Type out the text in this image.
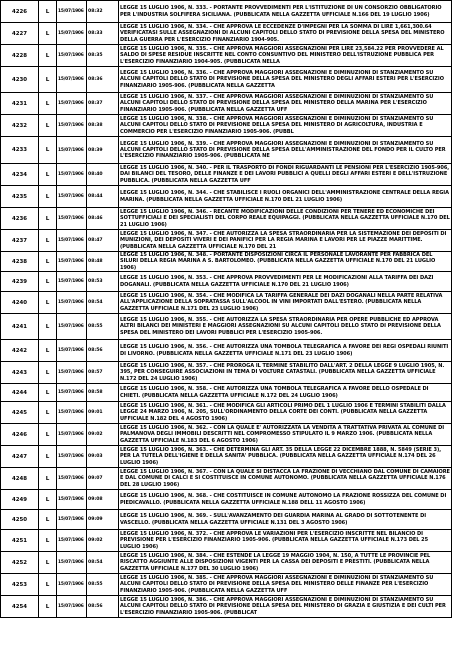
4226	L	15/07/1906	08:32	LEGGE 15 LUGLIO 1906, N. 333. - PORTANTE PROVVEDIMENTI PER L'ISTITUZIONE DI UN CONSORZIO OBBLIGATORIO PER L'INDUSTRIA SOLFIFERA SICILIANA. (PUBBLICATA NELLA GAZZETTA UFFICIALE N.166 DEL 19 LUGLIO 1906)

4227	L	15/07/1906	08:33	LEGGE 15 LUGLIO 1906, N. 334. - CHE APPROVA LE ECCEDENZE D'IMPEGNI PER LA SOMMA DI LIRE 1,661,300.64 VERIFICATASI SULLE ASSEGNAZIONI DI ALCUNI CAPITOLI DELLO STATO DI PREVISIONE DELLA SPESA DEL MINISTERO DELLA GUERRA PER L'ESERCIZIO FINANZIARIO 1904-905.

4228	L	15/07/1906	08:35	LEGGE 15 LUGLIO 1906, N. 335. - CHE APPROVA MAGGIORI ASSEGNAZIONI PER LIRE 23,584.22 PER PROVVEDERE AL SALDO DI SPESE RESIDUE INSCRITTE NEL CONTO CONSUNTIVO DEL MINISTERO DELL'ISTRUZIONE PUBBLICA PER L'ESERCIZIO FINANZIARIO 1904-905. (PUBBLICATA NELLA

4230	L	15/07/1906	08:36	LEGGE 15 LUGLIO 1906, N. 336. - CHE APPROVA MAGGIORI ASSEGNAZIONI E DIMINUZIONI DI STANZIAMENTO SU ALCUNI CAPITOLI DELLO STATO DI PREVISIONE DELLA SPESA DEL MINISTERO DEGLI AFFARI ESTERI PER L'ESERCIZIO FINANZIARIO 1905-906. (PUBBLICATA NELLA GAZZETTA

4231	L	15/07/1906	08:37	LEGGE 15 LUGLIO 1906, N. 337. - CHE APPROVA MAGGIORI ASSEGNAZIONI E DIMINUZIONI DI STANZIAMENTO SU ALCUNI CAPITOLI DELLO STATO DI PREVISIONE DELLA SPESA DEL MINISTERO DELLA MARINA PER L'ESERCIZIO FINANZIARIO 1905-906. (PUBBLICATA NELLA GAZZETTA UFF

4232	L	15/07/1906	08:38	LEGGE 15 LUGLIO 1906, N. 338. - CHE APPROVA MAGGIORI ASSEGNAZIONI E DIMINUZIONI DI STANZIAMENTO SU ALCUNI CAPITOLI DELLO STATO DI PREVISIONE DELLA SPESA DEL MINISTERO DI AGRICOLTURA, INDUSTRIA E COMMERCIO PER L'ESERCIZIO FINANZIARIO 1905-906. (PUBBL

4233	L	15/07/1906	08:39	LEGGE 15 LUGLIO 1906, N. 339. - CHE APPROVA MAGGIORI ASSEGNAZIONI E DIMINUZIONI DI STANZIAMENTO SU ALCUNI CAPITOLI DELLO STATO DI PREVISIONE DELLA SPESA DELL'AMMINISTRAZIONE DEL FONDO PER IL CULTO PER L'ESERCIZIO FINANZIARIO 1905-906. (PUBBLICATA NE

4234	L	15/07/1906	08:40	LEGGE 15 LUGLIO 1906, N. 340. - PER IL TRASPORTO DI FONDI RIGUARDANTI LE PENSIONI PER L'ESERCIZIO 1905-906, DAI BILANCI DEL TESORO, DELLE FINANZE E DEI LAVORI PUBBLICI A QUELLI DEGLI AFFARI ESTERI E DELL'ISTRUZIONE PUBBLICA. (PUBBLICATA NELLA GAZZETTA UFF

4235	L	15/07/1906	08:44	LEGGE 15 LUGLIO 1906, N. 344. - CHE STABILISCE I RUOLI ORGANICI DELL'AMMINISTRAZIONE CENTRALE DELLA REGIA MARINA. (PUBBLICATA NELLA GAZZETTA UFFICIALE N.170 DEL 21 LUGLIO 1906)

4236	L	15/07/1906	08:46	LEGGE 15 LUGLIO 1906, N. 346. - RECANTE MODIFICAZIONI DELLE CONDIZIONI PER TENERE ED ECONOMICHE DEI SOTTUFFICIALI E DEI SPECIALISTI DEL CORPO REALE EQUIPAGGI. (PUBBLICATA NELLA GAZZETTA UFFICIALE N.170 DEL 21 LUGLIO 1906)

4237	L	15/07/1906	08:47	LEGGE 15 LUGLIO 1906, N. 347. - CHE AUTORIZZA LA SPESA STRAORDINARIA PER LA SISTEMAZIONE DEI DEPOSITI DI MUNIZIONI, DEI DEPOSITI VIVERI E DEI PANIFICI PER LA REGIA MARINA E LAVORI PER LE PIAZZE MARITTIME. (PUBBLICATA NELLA GAZZETTA UFFICIALE N.170 DEL 21

4238	L	15/07/1906	08:48	LEGGE 15 LUGLIO 1906, N. 348. - PORTANTE DISPOSIZIONI CIRCA IL PERSONALE LAVORANTE PER FABBRICA DEL SILURI DELLA REGIA MARINA A S. BARTOLOMEO. (PUBBLICATA NELLA GAZZETTA UFFICIALE N.170 DEL 21 LUGLIO 1906)

4239	L	15/07/1906	08:53	LEGGE 15 LUGLIO 1906, N. 353. - CHE APPROVA PROVVEDIMENTI PER LE MODIFICAZIONI ALLA TARIFFA DEI DAZI DOGANALI. (PUBBLICATA NELLA GAZZETTA UFFICIALE N.170 DEL 21 LUGLIO 1906)

4240	L	15/07/1906	08:54	LEGGE 15 LUGLIO 1906, N. 354. - CHE MODIFICA LA TARIFFA GENERALE DEI DAZI DOGANALI NELLA PARTE RELATIVA ALL'APPLICAZIONE DELLA SOPRATASSA SULL'ALCOOL IN VINI IMPORTATI DALL'ESTERO. (PUBBLICATA NELLA GAZZETTA UFFICIALE N.171 DEL 23 LUGLIO 1906)

4241	L	15/07/1906	08:55	LEGGE 15 LUGLIO 1906, N. 355. - CHE AUTORIZZA LA SPESA STRAORDINARIA PER OPERE PUBBLICHE ED APPROVA ALTRI BILANCI DEI MINISTERI E MAGGIORI ASSEGNAZIONI SU ALCUNI CAPITOLI DELLO STATO DI PREVISIONE DELLA SPESA DEL MINISTERO DEI LAVORI PUBBLICI PER L'ESERCIZIO 1905-906.

4242	L	15/07/1906	08:56	LEGGE 15 LUGLIO 1906, N. 356. - CHE AUTORIZZA UNA TOMBOLA TELEGRAFICA A FAVORE DEI REGI OSPEDALI RIUNITI DI LIVORNO. (PUBBLICATA NELLA GAZZETTA UFFICIALE N.171 DEL 23 LUGLIO 1906)

4243	L	15/07/1906	08:57	LEGGE 15 LUGLIO 1906, N. 357. - CHE PROROGA IL TERMINE STABILITO DALL'ART. 2 DELLA LEGGE 9 LUGLIO 1905, N. 395, PER CONSEGUIRE ASSOCIAZIONI IN TEMA DI VOLTURE CATASTALI. (PUBBLICATA NELLA GAZZETTA UFFICIALE N.172 DEL 24 LUGLIO 1906)

4244	L	15/07/1906	08:58	LEGGE 15 LUGLIO 1906, N. 358. - CHE AUTORIZZA UNA TOMBOLA TELEGRAFICA A FAVORE DELLO OSPEDALE DI CHIETI. (PUBBLICATA NELLA GAZZETTA UFFICIALE N.172 DEL 24 LUGLIO 1906)

4245	L	15/07/1906	09:01	LEGGE 15 LUGLIO 1906, N. 361. - CHE MODIFICA GLI ARTICOLI PRIMO DEL 1 LUGLIO 1906 E TERMINI STABILITI DALLA LEGGE 24 MARZO 1906, N. 205, SULL'ORDINAMENTO DELLA CORTE DEI CONTI. (PUBBLICATA NELLA GAZZETTA UFFICIALE N.182 DEL 4 AGOSTO 1906)

4246	L	15/07/1906	09:02	LEGGE 15 LUGLIO 1906, N. 362. - CON LA QUALE E' AUTORIZZATA LA VENDITA A TRATTATIVA PRIVATA AL COMUNE DI PALMANOVA DEGLI IMMOBILI DESCRITTI NEL COMPROMESSO STIPULATO IL 9 MARZO 1906. (PUBBLICATA NELLA GAZZETTA UFFICIALE N.183 DEL 6 AGOSTO 1906)

4247	L	15/07/1906	09:03	LEGGE 15 LUGLIO 1906, N. 363. - CHE DETERMINA GLI ART. 35 DELLA LEGGE 22 DICEMBRE 1888, N. 5849 (SERIE 3), PER LA TUTELA DELL'IGIENE E DELLA SANITA' PUBBLICA. (PUBBLICATA NELLA GAZZETTA UFFICIALE N.174 DEL 26 LUGLIO 1906)

4248	L	15/07/1906	09:07	LEGGE 15 LUGLIO 1906, N. 367. - CON LA QUALE SI DISTACCA LA FRAZIONE DI VECCHIANO DAL COMUNE DI CAMAIORE E DAL COMUNE DI CALCI E SI COSTITUISCE IN COMUNE AUTONOMO. (PUBBLICATA NELLA GAZZETTA UFFICIALE N.176 DEL 28 LUGLIO 1906)

4249	L	15/07/1906	09:08	LEGGE 15 LUGLIO 1906, N. 368. - CHE COSTITUISCE IN COMUNE AUTONOMO LA FRAZIONE ROSSIZZA DEL COMUNE DI PIEDICAVALLO. (PUBBLICATA NELLA GAZZETTA UFFICIALE N.188 DELL 11 AGOSTO 1906)

4250	L	15/07/1906	09:09	LEGGE 15 LUGLIO 1906, N. 369. - SULL'AVANZAMENTO DEI GUARDIA MARINA AL GRADO DI SOTTOTENENTE DI VASCELLO. (PUBBLICATA NELLA GAZZETTA UFFICIALE N.131 DEL 3 AGOSTO 1906)

4251	L	15/07/1906	09:02	LEGGE 15 LUGLIO 1906, N. 372. - CHE APPROVA LE VARIAZIONI PER L'ESERCIZIO INSCRITTE NEL BILANCIO DI PREVISIONE PER L'ESERCIZIO FINANZIARIO 1905-906. (PUBBLICATA NELLA GAZZETTA UFFICIALE N.173 DEL 25 LUGLIO 1906)

4252	L	15/07/1906	08:54	LEGGE 15 LUGLIO 1906, N. 384. - CHE ESTENDE LA LEGGE 19 MAGGIO 1904, N. 150, A TUTTE LE PROVINCIE PEL RISCATTO AGGIUNTE ALLE DISPOSIZIONI VIGENTI PER LA CASSA DEI DEPOSITI E PRESTITI. (PUBBLICATA NELLA GAZZETTA UFFICIALE N.177 DEL 30 LUGLIO 1906)

4253	L	15/07/1906	08:55	LEGGE 15 LUGLIO 1906, N. 385. - CHE APPROVA MAGGIORI ASSEGNAZIONI E DIMINUZIONI DI STANZIAMENTO SU ALCUNI CAPITOLI DELLO STATO DI PREVISIONE DELLA SPESA DEL MINISTERO DELLE FINANZE PER L'ESERCIZIO FINANZIARIO 1905-906. (PUBBLICATA NELLA GAZZETTA UFF

4254	L	15/07/1906	08:56	LEGGE 15 LUGLIO 1906, N. 386. - CHE APPROVA MAGGIORI ASSEGNAZIONI E DIMINUZIONI DI STANZIAMENTO SU ALCUNI CAPITOLI DELLO STATO DI PREVISIONE DELLA SPESA DEL MINISTERO DI GRAZIA E GIUSTIZIA E DEI CULTI PER L'ESERCIZIO FINANZIARIO 1905-906. (PUBBLICAT
